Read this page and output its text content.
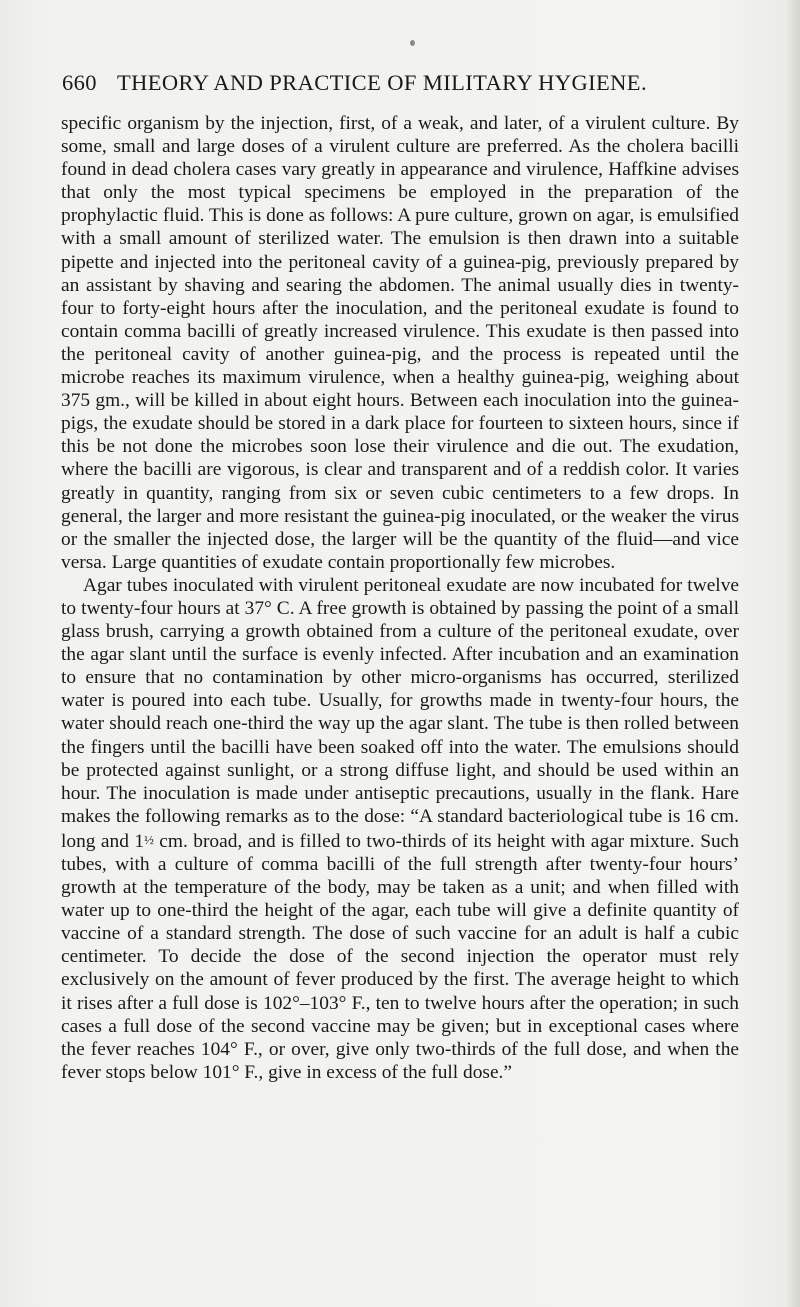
660 THEORY AND PRACTICE OF MILITARY HYGIENE.

specific organism by the injection, first, of a weak, and later, of a virulent culture. By some, small and large doses of a virulent culture are preferred. As the cholera bacilli found in dead cholera cases vary greatly in appearance and virulence, Haffkine advises that only the most typical specimens be employed in the preparation of the prophylactic fluid. This is done as follows: A pure culture, grown on agar, is emulsified with a small amount of sterilized water. The emulsion is then drawn into a suitable pipette and injected into the peritoneal cavity of a guinea-pig, previously prepared by an assistant by shaving and searing the abdomen. The animal usually dies in twenty-four to forty-eight hours after the inoculation, and the peritoneal exudate is found to contain comma bacilli of greatly increased virulence. This exudate is then passed into the peritoneal cavity of another guinea-pig, and the process is repeated until the microbe reaches its maximum virulence, when a healthy guinea-pig, weighing about 375 gm., will be killed in about eight hours. Between each inoculation into the guinea-pigs, the exudate should be stored in a dark place for fourteen to sixteen hours, since if this be not done the microbes soon lose their virulence and die out. The exudation, where the bacilli are vigorous, is clear and transparent and of a reddish color. It varies greatly in quantity, ranging from six or seven cubic centimeters to a few drops. In general, the larger and more resistant the guinea-pig inoculated, or the weaker the virus or the smaller the injected dose, the larger will be the quantity of the fluid—and vice versa. Large quantities of exudate contain proportionally few microbes.

Agar tubes inoculated with virulent peritoneal exudate are now incubated for twelve to twenty-four hours at 37° C. A free growth is obtained by passing the point of a small glass brush, carrying a growth obtained from a culture of the peritoneal exudate, over the agar slant until the surface is evenly infected. After incubation and an examination to ensure that no contamination by other micro-organisms has occurred, sterilized water is poured into each tube. Usually, for growths made in twenty-four hours, the water should reach one-third the way up the agar slant. The tube is then rolled between the fingers until the bacilli have been soaked off into the water. The emulsions should be protected against sunlight, or a strong diffuse light, and should be used within an hour. The inoculation is made under antiseptic precautions, usually in the flank. Hare makes the following remarks as to the dose: “A standard bacteriological tube is 16 cm. long and 1½ cm. broad, and is filled to two-thirds of its height with agar mixture. Such tubes, with a culture of comma bacilli of the full strength after twenty-four hours’ growth at the temperature of the body, may be taken as a unit; and when filled with water up to one-third the height of the agar, each tube will give a definite quantity of vaccine of a standard strength. The dose of such vaccine for an adult is half a cubic centimeter. To decide the dose of the second injection the operator must rely exclusively on the amount of fever produced by the first. The average height to which it rises after a full dose is 102°–103° F., ten to twelve hours after the operation; in such cases a full dose of the second vaccine may be given; but in exceptional cases where the fever reaches 104° F., or over, give only two-thirds of the full dose, and when the fever stops below 101° F., give in excess of the full dose.”
